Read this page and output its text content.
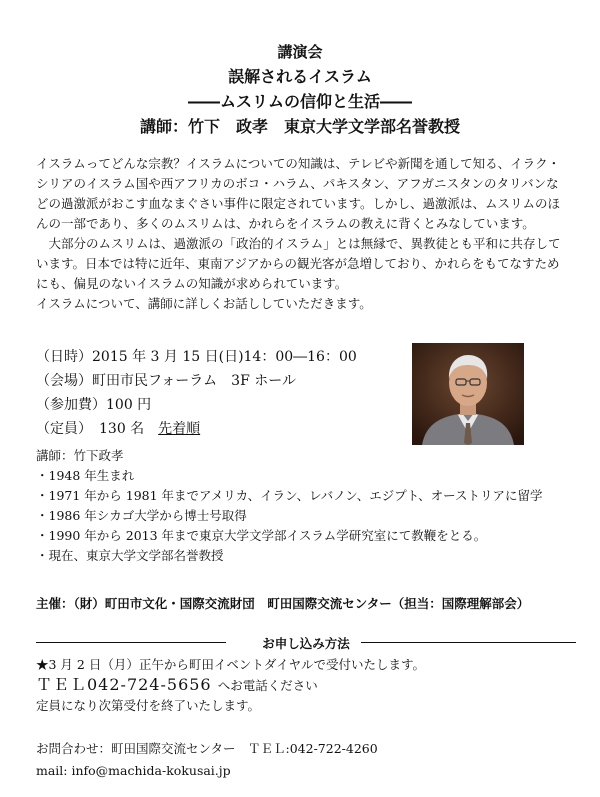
講演会
誤解されるイスラム
――ムスリムの信仰と生活――
講師：竹下　政孝　東京大学文学部名誉教授

イスラムってどんな宗教？イスラムについての知識は、テレビや新聞を通して知る、イラク・シリアのイスラム国や西アフリカのボコ・ハラム、パキスタン、アフガニスタンのタリバンなどの過激派がおこす血なまぐさい事件に限定されています。しかし、過激派は、ムスリムのほんの一部であり、多くのムスリムは、かれらをイスラムの教えに背くとみなしています。

　大部分のムスリムは、過激派の「政治的イスラム」とは無縁で、異教徒とも平和に共存しています。日本では特に近年、東南アジアからの観光客が急増しており、かれらをもてなすためにも、偏見のないイスラムの知識が求められています。

イスラムについて、講師に詳しくお話ししていただきます。

（日時）2015 年 3 月 15 日(日)14：00―16：00
（会場）町田市民フォーラム　3F ホール
（参加費）100 円
（定員）　130 名　先着順
講師：竹下政孝
・1948 年生まれ
・1971 年から 1981 年までアメリカ、イラン、レバノン、エジプト、オーストリアに留学
・1986 年シカゴ大学から博士号取得
・1990 年から 2013 年まで東京大学文学部イスラム学研究室にて教鞭をとる。
・現在、東京大学文学部名誉教授
主催：（財）町田市文化・国際交流財団　町田国際交流センター（担当：国際理解部会）
お申し込み方法
★3 月 2 日（月）正午から町田イベントダイヤルで受付いたします。
ＴＥＬ042-724-5656 へお電話ください
定員になり次第受付を終了いたします。
お問合わせ：町田国際交流センター　ＴＥＬ:042-722-4260
mail: info@machida-kokusai.jp
